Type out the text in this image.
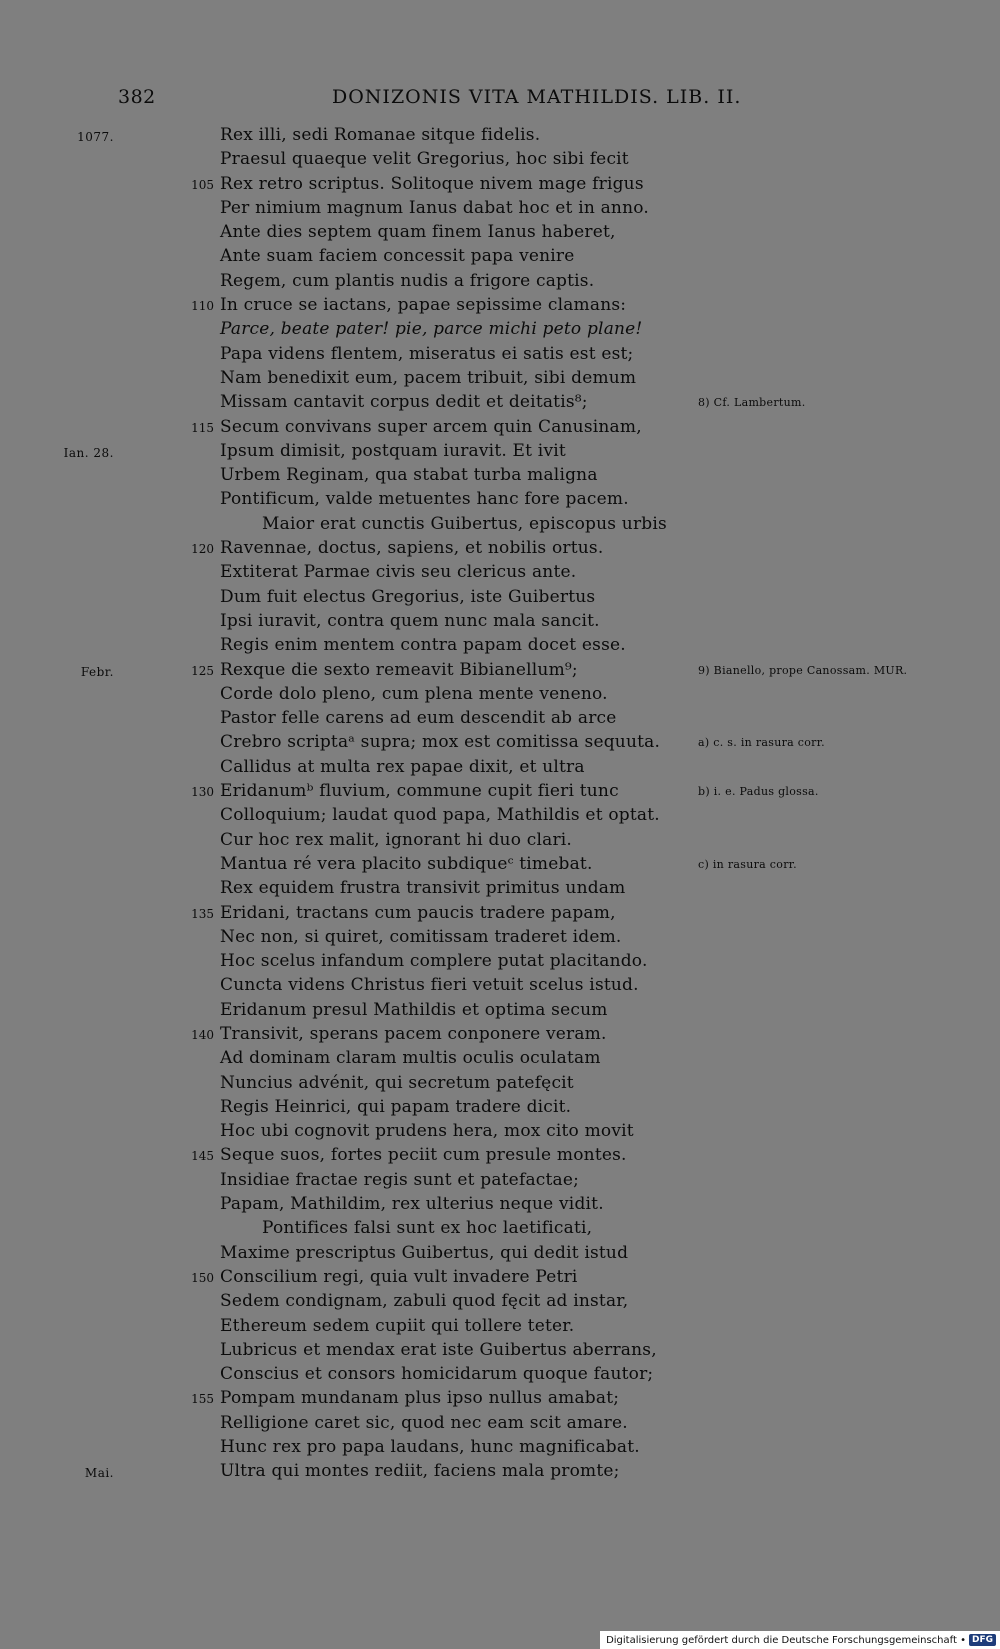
382	DONIZONIS VITA MATHILDIS. LIB. II.
1077.	Rex illi, sedi Romanae sitque fidelis.
Praesul quaeque velit Gregorius, hoc sibi fecit
105 Rex retro scriptus. Solitoque nivem mage frigus
Per nimium magnum Ianus dabat hoc et in anno.
Ante dies septem quam finem Ianus haberet,
Ante suam faciem concessit papa venire
Regem, cum plantis nudis a frigore captis.
110 In cruce se iactans, papae sepissime clamans:
Parce, beate pater! pie, parce michi peto plane!
Papa videns flentem, miseratus ei satis est est;
Nam benedixit eum, pacem tribuit, sibi demum
Missam cantavit corpus dedit et deitatis⁸;	8) Cf. Lambertum.
115 Secum convivans super arcem quin Canusinam,
Ian. 28.	Ipsum dimisit, postquam iuravit. Et ivit
Urbem Reginam, qua stabat turba maligna
Pontificum, valde metuentes hanc fore pacem.
Maior erat cunctis Guibertus, episcopus urbis
120 Ravennae, doctus, sapiens, et nobilis ortus.
Extiterat Parmae civis seu clericus ante.
Dum fuit electus Gregorius, iste Guibertus
Ipsi iuravit, contra quem nunc mala sancit.
Regis enim mentem contra papam docet esse.
Febr.	125 Rexque die sexto remeavit Bibianellum⁹;	9) Bianello, prope Canossam. MUR.
Corde dolo pleno, cum plena mente veneno.
Pastor felle carens ad eum descendit ab arce
Crebro scriptaᵃ supra; mox est comitissa sequuta.	a) c. s. in rasura corr.
Callidus at multa rex papae dixit, et ultra
130 Eridanumᵇ fluvium, commune cupit fieri tunc	b) i. e. Padus glossa.
Colloquium; laudat quod papa, Mathildis et optat.
Cur hoc rex malit, ignorant hi duo clari.
Mantua ré vera placito subdiqueᶜ timebat.	c) in rasura corr.
Rex equidem frustra transivit primitus undam
135 Eridani, tractans cum paucis tradere papam,
Nec non, si quiret, comitissam traderet idem.
Hoc scelus infandum complere putat placitando.
Cuncta videns Christus fieri vetuit scelus istud.
Eridanum presul Mathildis et optima secum
140 Transivit, sperans pacem conponere veram.
Ad dominam claram multis oculis oculatam
Nuncius advénit, qui secretum patefęcit
Regis Heinrici, qui papam tradere dicit.
Hoc ubi cognovit prudens hera, mox cito movit
145 Seque suos, fortes peciit cum presule montes.
Insidiae fractae regis sunt et patefactae;
Papam, Mathildim, rex ulterius neque vidit.
Pontifices falsi sunt ex hoc laetificati,
Maxime prescriptus Guibertus, qui dedit istud
150 Conscilium regi, quia vult invadere Petri
Sedem condignam, zabuli quod fęcit ad instar,
Ethereum sedem cupiit qui tollere teter.
Lubricus et mendax erat iste Guibertus aberrans,
Conscius et consors homicidarum quoque fautor;
155 Pompam mundanam plus ipso nullus amabat;
Relligione caret sic, quod nec eam scit amare.
Hunc rex pro papa laudans, hunc magnificabat.
Mai.	Ultra qui montes rediit, faciens mala promte;
Digitalisierung gefördert durch die Deutsche Forschungsgemeinschaft • DFG
